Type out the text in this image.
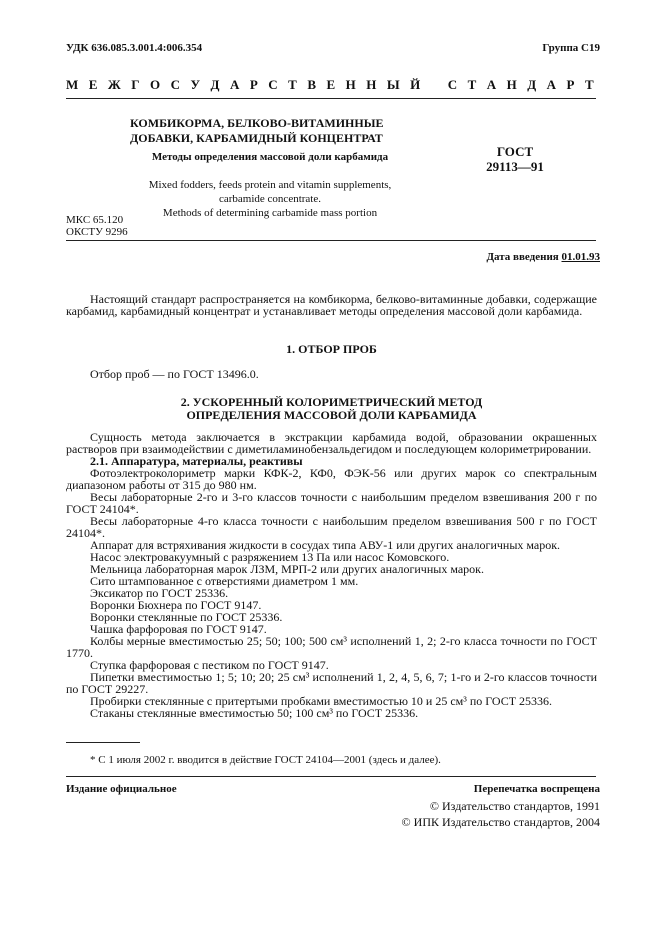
УДК 636.085.3.001.4:006.354	Группа С19
М Е Ж Г О С У Д А Р С Т В Е Н Н Ы Й С Т А Н Д А Р Т
КОМБИКОРМА, БЕЛКОВО-ВИТАМИННЫЕ
ДОБАВКИ, КАРБАМИДНЫЙ КОНЦЕНТРАТ
Методы определения массовой доли карбамида	ГОСТ
29113—91
Mixed fodders, feeds protein and vitamin supplements,
carbamide concentrate.
Methods of determining carbamide mass portion
МКС 65.120
ОКСТУ 9296
Дата введения 01.01.93
Настоящий стандарт распространяется на комбикорма, белково-витаминные добавки, содержащие карбамид, карбамидный концентрат и устанавливает методы определения массовой доли карбамида.
1. ОТБОР ПРОБ
Отбор проб — по ГОСТ 13496.0.
2. УСКОРЕННЫЙ КОЛОРИМЕТРИЧЕСКИЙ МЕТОД
ОПРЕДЕЛЕНИЯ МАССОВОЙ ДОЛИ КАРБАМИДА
Сущность метода заключается в экстракции карбамида водой, образовании окрашенных растворов при взаимодействии с диметиламинобензальдегидом и последующем колориметрировании.
2.1. Аппаратура, материалы, реактивы
Фотоэлектроколориметр марки КФК-2, КФ0, ФЭК-56 или других марок со спектральным диапазоном работы от 315 до 980 нм.
Весы лабораторные 2-го и 3-го классов точности с наибольшим пределом взвешивания 200 г по ГОСТ 24104*.
Весы лабораторные 4-го класса точности с наибольшим пределом взвешивания 500 г по ГОСТ 24104*.
Аппарат для встряхивания жидкости в сосудах типа АВУ-1 или других аналогичных марок.
Насос электровакуумный с разряжением 13 Па или насос Комовского.
Мельница лабораторная марок ЛЗМ, МРП-2 или других аналогичных марок.
Сито штампованное с отверстиями диаметром 1 мм.
Эксикатор по ГОСТ 25336.
Воронки Бюхнера по ГОСТ 9147.
Воронки стеклянные по ГОСТ 25336.
Чашка фарфоровая по ГОСТ 9147.
Колбы мерные вместимостью 25; 50; 100; 500 см³ исполнений 1, 2; 2-го класса точности по ГОСТ 1770.
Ступка фарфоровая с пестиком по ГОСТ 9147.
Пипетки вместимостью 1; 5; 10; 20; 25 см³ исполнений 1, 2, 4, 5, 6, 7; 1-го и 2-го классов точности по ГОСТ 29227.
Пробирки стеклянные с притертыми пробками вместимостью 10 и 25 см³ по ГОСТ 25336.
Стаканы стеклянные вместимостью 50; 100 см³ по ГОСТ 25336.
* С 1 июля 2002 г. вводится в действие ГОСТ 24104—2001 (здесь и далее).
Издание официальное	Перепечатка воспрещена
© Издательство стандартов, 1991
© ИПК Издательство стандартов, 2004
